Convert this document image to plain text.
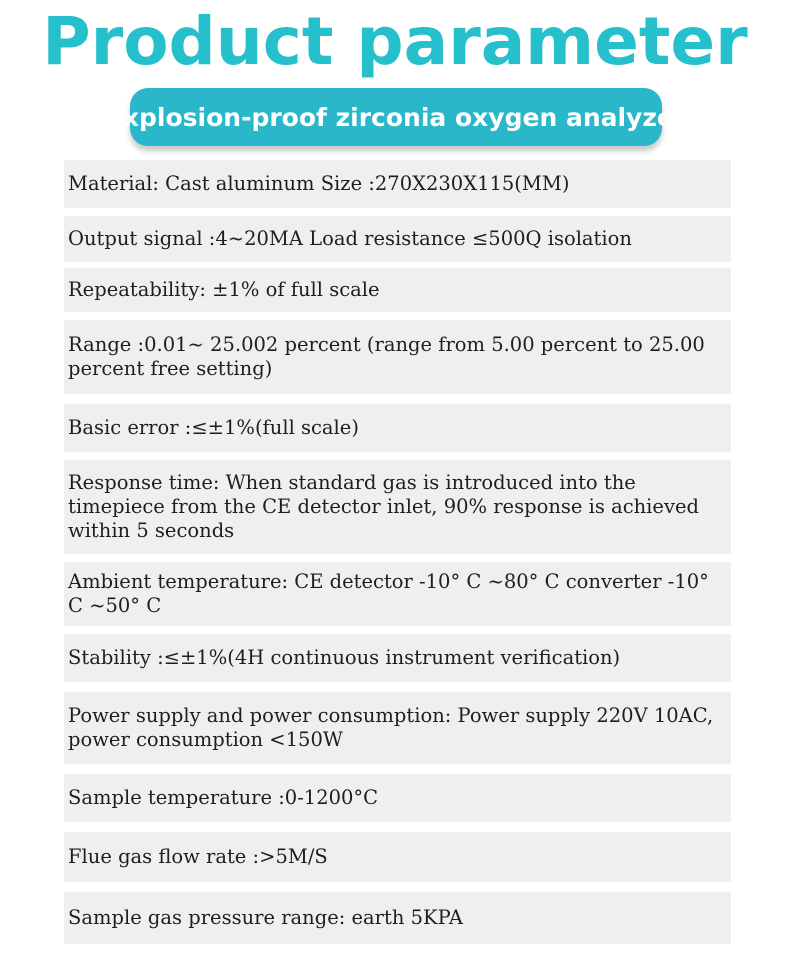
Product parameter
Explosion-proof zirconia oxygen analyzer
Material: Cast aluminum Size :270X230X115(MM)
Output signal :4~20MA Load resistance ≤500Q isolation
Repeatability: ±1% of full scale
Range :0.01~ 25.002 percent (range from 5.00 percent to 25.00 percent free setting)
Basic error :≤±1%(full scale)
Response time: When standard gas is introduced into the timepiece from the CE detector inlet, 90% response is achieved within 5 seconds
Ambient temperature: CE detector -10° C ~80° C converter -10° C ~50° C
Stability :≤±1%(4H continuous instrument verification)
Power supply and power consumption: Power supply 220V 10AC, power consumption <150W
Sample temperature :0-1200°C
Flue gas flow rate :>5M/S
Sample gas pressure range: earth 5KPA
